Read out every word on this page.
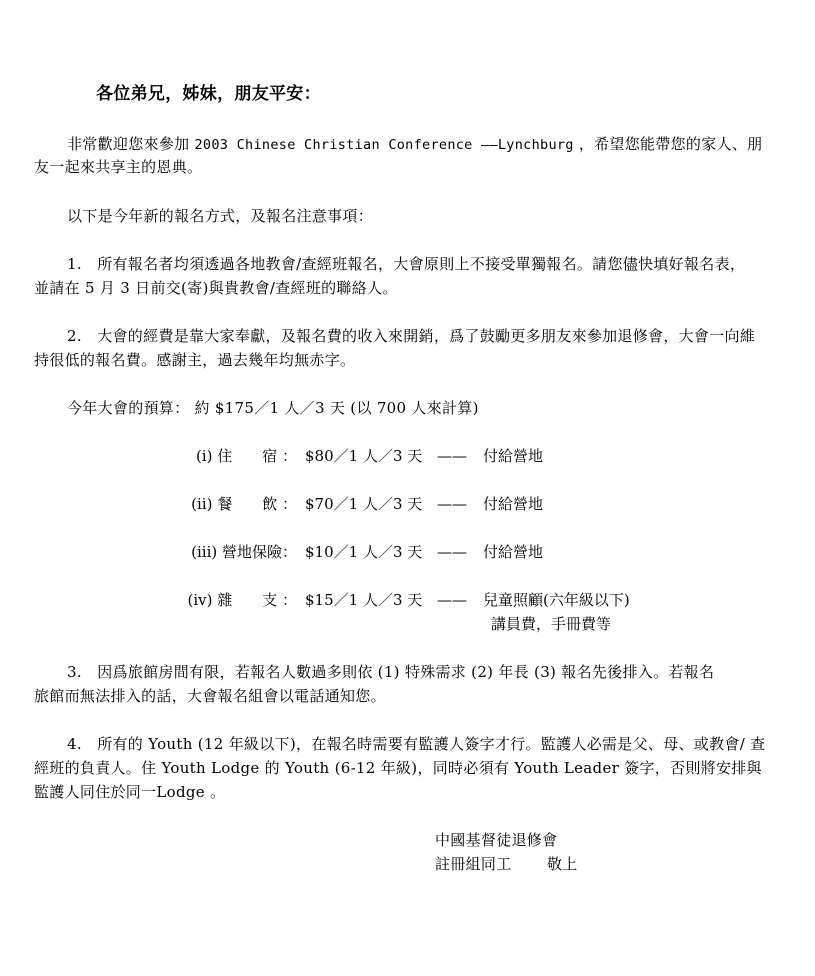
各位弟兄，姊妹，朋友平安：
非常歡迎您來參加 2003 Chinese Christian Conference ——Lynchburg ，希望您能帶您的家人、朋
友一起來共享主的恩典。
以下是今年新的報名方式，及報名注意事項：
1.　所有報名者均須透過各地教會/查經班報名，大會原則上不接受單獨報名。請您儘快填好報名表，
並請在 5 月 3 日前交(寄)與貴教會/查經班的聯絡人。
2.　大會的經費是靠大家奉獻，及報名費的收入來開銷，爲了鼓勵更多朋友來參加退修會，大會一向維
持很低的報名費。感謝主，過去幾年均無赤字。
今年大會的預算： 約 $175／1 人／3 天 (以 700 人來計算)
(i) 住　　宿 ： $80／1 人／3 天 —— 付給營地
(ii) 餐　　飲 ： $70／1 人／3 天 —— 付給營地
(iii) 營地保險： $10／1 人／3 天 —— 付給營地
(iv) 雜　　支 ： $15／1 人／3 天 —— 兒童照顧(六年級以下)
講員費，手冊費等
3.　因爲旅館房間有限，若報名人數過多則依 (1) 特殊需求 (2) 年長 (3) 報名先後排入。若報名
旅館而無法排入的話，大會報名組會以電話通知您。
4.　所有的 Youth (12 年級以下)，在報名時需要有監護人簽字才行。監護人必需是父、母、或教會/ 查
經班的負責人。住 Youth Lodge 的 Youth (6-12 年級)，同時必須有 Youth Leader 簽字，否則將安排與
監護人同住於同一Lodge 。
中國基督徒退修會
註冊組同工 敬上
